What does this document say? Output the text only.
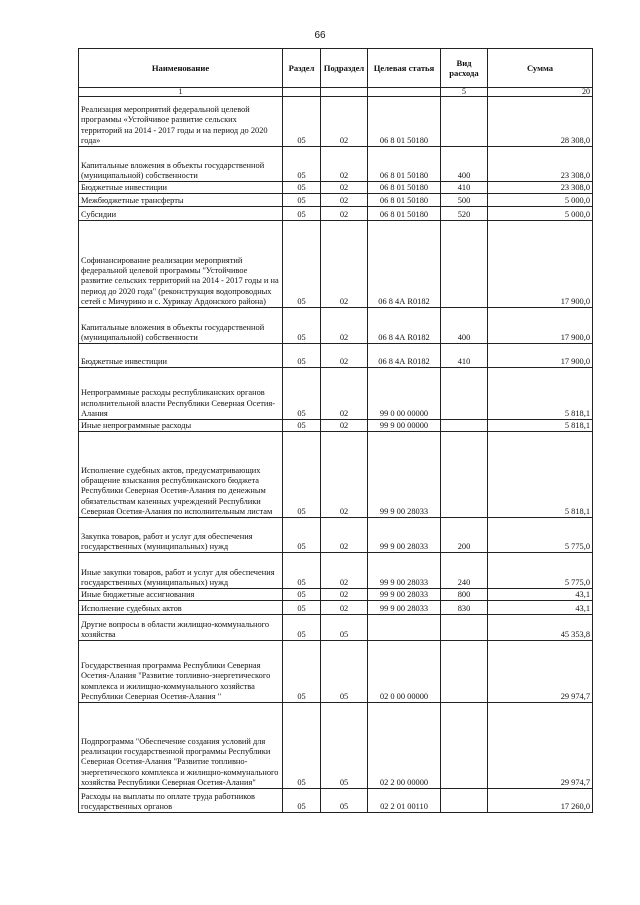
66
Наименование	Раздел	Подраздел	Целевая статья	Вид расхода	Сумма
1				5	20
Реализация мероприятий федеральной целевой программы «Устойчивое развитие сельских территорий на 2014 - 2017 годы и на период до 2020 года»	05	02	06 8 01 50180		28 308,0
Капитальные вложения в объекты государственной (муниципальной) собственности	05	02	06 8 01 50180	400	23 308,0
Бюджетные инвестиции	05	02	06 8 01 50180	410	23 308,0
Межбюджетные трансферты	05	02	06 8 01 50180	500	5 000,0
Субсидии	05	02	06 8 01 50180	520	5 000,0
Софинансирование реализации мероприятий федеральной целевой программы "Устойчивое развитие сельских территорий на 2014 - 2017 годы и на период до 2020 года" (реконструкция водопроводных сетей с Мичурино и с. Хурикау Ардонского района)	05	02	06 8 4А R0182		17 900,0
Капитальные вложения в объекты государственной (муниципальной) собственности	05	02	06 8 4А R0182	400	17 900,0
Бюджетные инвестиции	05	02	06 8 4А R0182	410	17 900,0
Непрограммные расходы республиканских органов исполнительной власти Республики Северная Осетия-Алания	05	02	99 0 00 00000		5 818,1
Иные непрограммные расходы	05	02	99 9 00 00000		5 818,1
Исполнение судебных актов, предусматривающих обращение взыскания республиканского бюджета Республики Северная Осетия-Алания по денежным обязательствам казенных учреждений Республики Северная Осетия-Алания по исполнительным листам	05	02	99 9 00 28033		5 818,1
Закупка товаров, работ и услуг для обеспечения государственных (муниципальных) нужд	05	02	99 9 00 28033	200	5 775,0
Иные закупки товаров, работ и услуг для обеспечения государственных (муниципальных) нужд	05	02	99 9 00 28033	240	5 775,0
Иные бюджетные ассигнования	05	02	99 9 00 28033	800	43,1
Исполнение судебных актов	05	02	99 9 00 28033	830	43,1
Другие вопросы в области жилищно-коммунального хозяйства	05	05			45 353,8
Государственная программа Республики Северная Осетия-Алания "Развитие топливно-энергетического комплекса и жилищно-коммунального хозяйства Республики Северная Осетия-Алания "	05	05	02 0 00 00000		29 974,7
Подпрограмма "Обеспечение создания условий для реализации государственной программы Республики Северная Осетия-Алания "Развитие топливно-энергетического комплекса и жилищно-коммунального хозяйства Республики Северная Осетия-Алания"	05	05	02 2 00 00000		29 974,7
Расходы на выплаты по оплате труда работников государственных органов	05	05	02 2 01 00110		17 260,0
